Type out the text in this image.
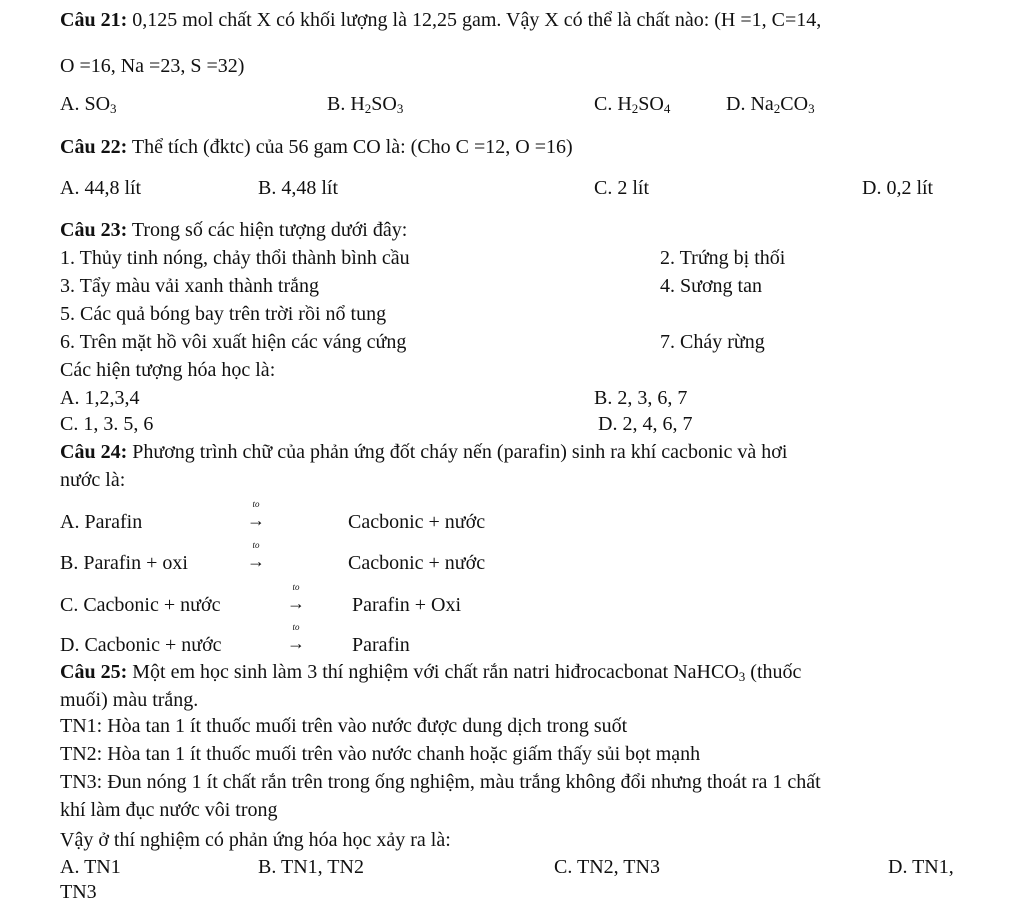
Câu 21: 0,125 mol chất X có khối lượng là 12,25 gam. Vậy X có thể là chất nào: (H =1, C=14,
O =16, Na =23, S =32)
A. $SO_3$	B. $H_2SO_3$	C. $H_2SO_4$	D. $Na_2CO_3$
Câu 22: Thể tích (đktc) của 56 gam CO là: (Cho C =12, O =16)
A. 44,8 lít	B. 4,48 lít	C. 2 lít	D. 0,2 lít
Câu 23: Trong số các hiện tượng dưới đây:
1. Thủy tinh nóng, chảy thổi thành bình cầu	2. Trứng bị thối
3. Tẩy màu vải xanh thành trắng	4. Sương tan
5. Các quả bóng bay trên trời rồi nổ tung
6. Trên mặt hồ vôi xuất hiện các váng cứng	7. Cháy rừng
Các hiện tượng hóa học là:
A. 1,2,3,4	B. 2, 3, 6, 7
C. 1, 3. 5, 6	D. 2, 4, 6, 7
Câu 24: Phương trình chữ của phản ứng đốt cháy nến (parafin) sinh ra khí cacbonic và hơi
nước là:
A. Parafin
to
→	Cacbonic + nước
B. Parafin + oxi
to
→	Cacbonic + nước
C. Cacbonic + nước
to
→	Parafin + Oxi
D. Cacbonic + nước
to
→	Parafin
Câu 25: Một em học sinh làm 3 thí nghiệm với chất rắn natri hiđrocacbonat NaHCO$_3$ (thuốc
muối) màu trắng.
TN1: Hòa tan 1 ít thuốc muối trên vào nước được dung dịch trong suốt
TN2: Hòa tan 1 ít thuốc muối trên vào nước chanh hoặc giấm thấy sủi bọt mạnh
TN3: Đun nóng 1 ít chất rắn trên trong ống nghiệm, màu trắng không đổi nhưng thoát ra 1 chất
khí làm đục nước vôi trong
Vậy ở thí nghiệm có phản ứng hóa học xảy ra là:
A. TN1	B. TN1, TN2	C. TN2, TN3	D. TN1,
TN3
